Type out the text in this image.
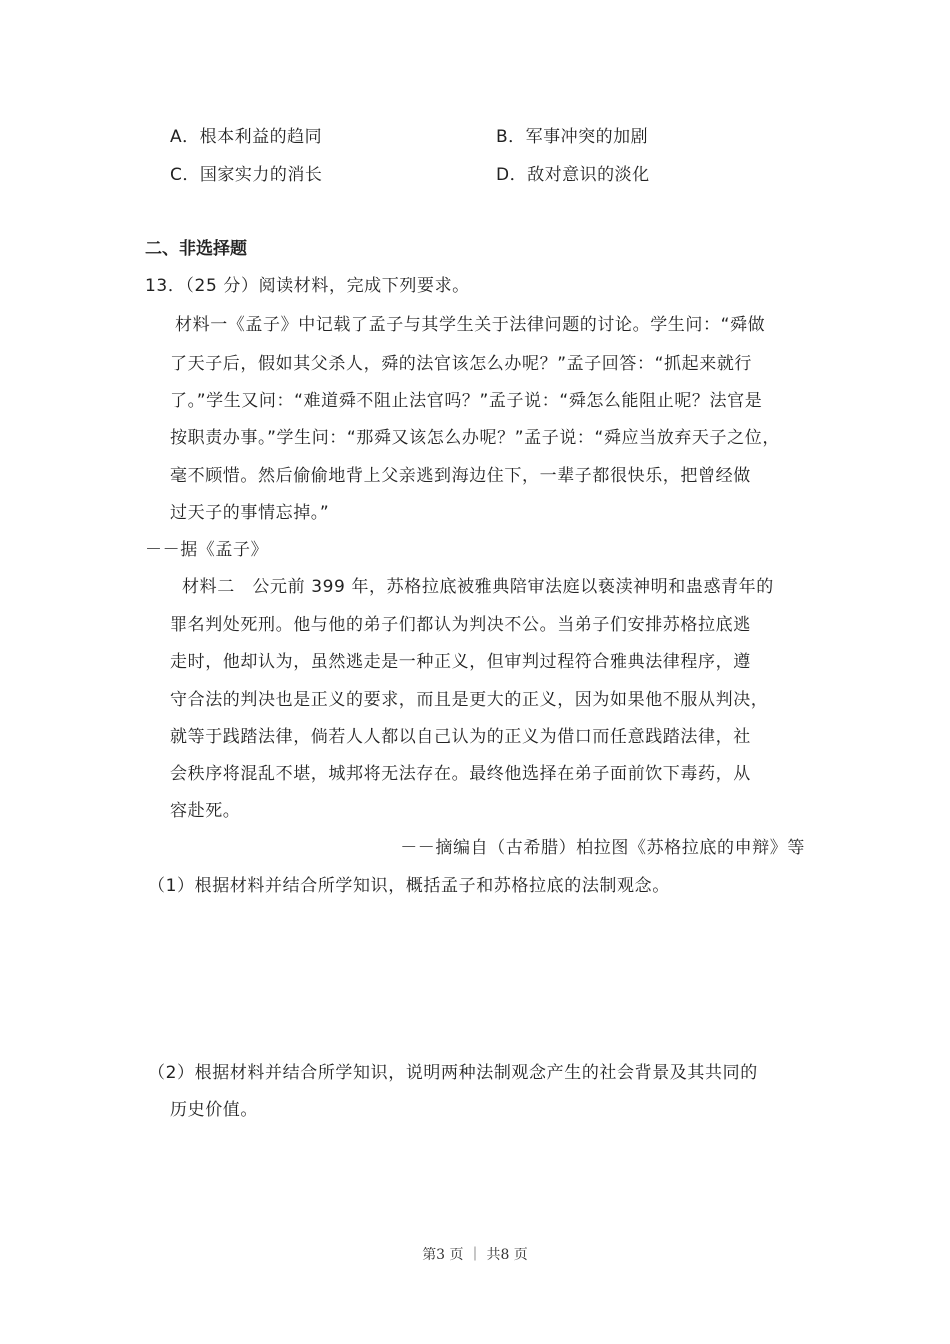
A．根本利益的趋同	B．军事冲突的加剧
C．国家实力的消长	D．敌对意识的淡化
二、非选择题
13．（25 分）阅读材料，完成下列要求。
材料一《孟子》中记载了孟子与其学生关于法律问题的讨论。学生问：“舜做
了天子后，假如其父杀人，舜的法官该怎么办呢？”孟子回答：“抓起来就行
了。”学生又问：“难道舜不阻止法官吗？”孟子说：“舜怎么能阻止呢？法官是
按职责办事。”学生问：“那舜又该怎么办呢？”孟子说：“舜应当放弃天子之位，
毫不顾惜。然后偷偷地背上父亲逃到海边住下，一辈子都很快乐，把曾经做
过天子的事情忘掉。”
－－据《孟子》
材料二　公元前 399 年，苏格拉底被雅典陪审法庭以亵渎神明和蛊惑青年的
罪名判处死刑。他与他的弟子们都认为判决不公。当弟子们安排苏格拉底逃
走时，他却认为，虽然逃走是一种正义，但审判过程符合雅典法律程序，遵
守合法的判决也是正义的要求，而且是更大的正义，因为如果他不服从判决，
就等于践踏法律，倘若人人都以自己认为的正义为借口而任意践踏法律，社
会秩序将混乱不堪，城邦将无法存在。最终他选择在弟子面前饮下毒药，从
容赴死。
－－摘编自（古希腊）柏拉图《苏格拉底的申辩》等
（1）根据材料并结合所学知识，概括孟子和苏格拉底的法制观念。
（2）根据材料并结合所学知识，说明两种法制观念产生的社会背景及其共同的
历史价值。
第3 页 ｜ 共8 页
